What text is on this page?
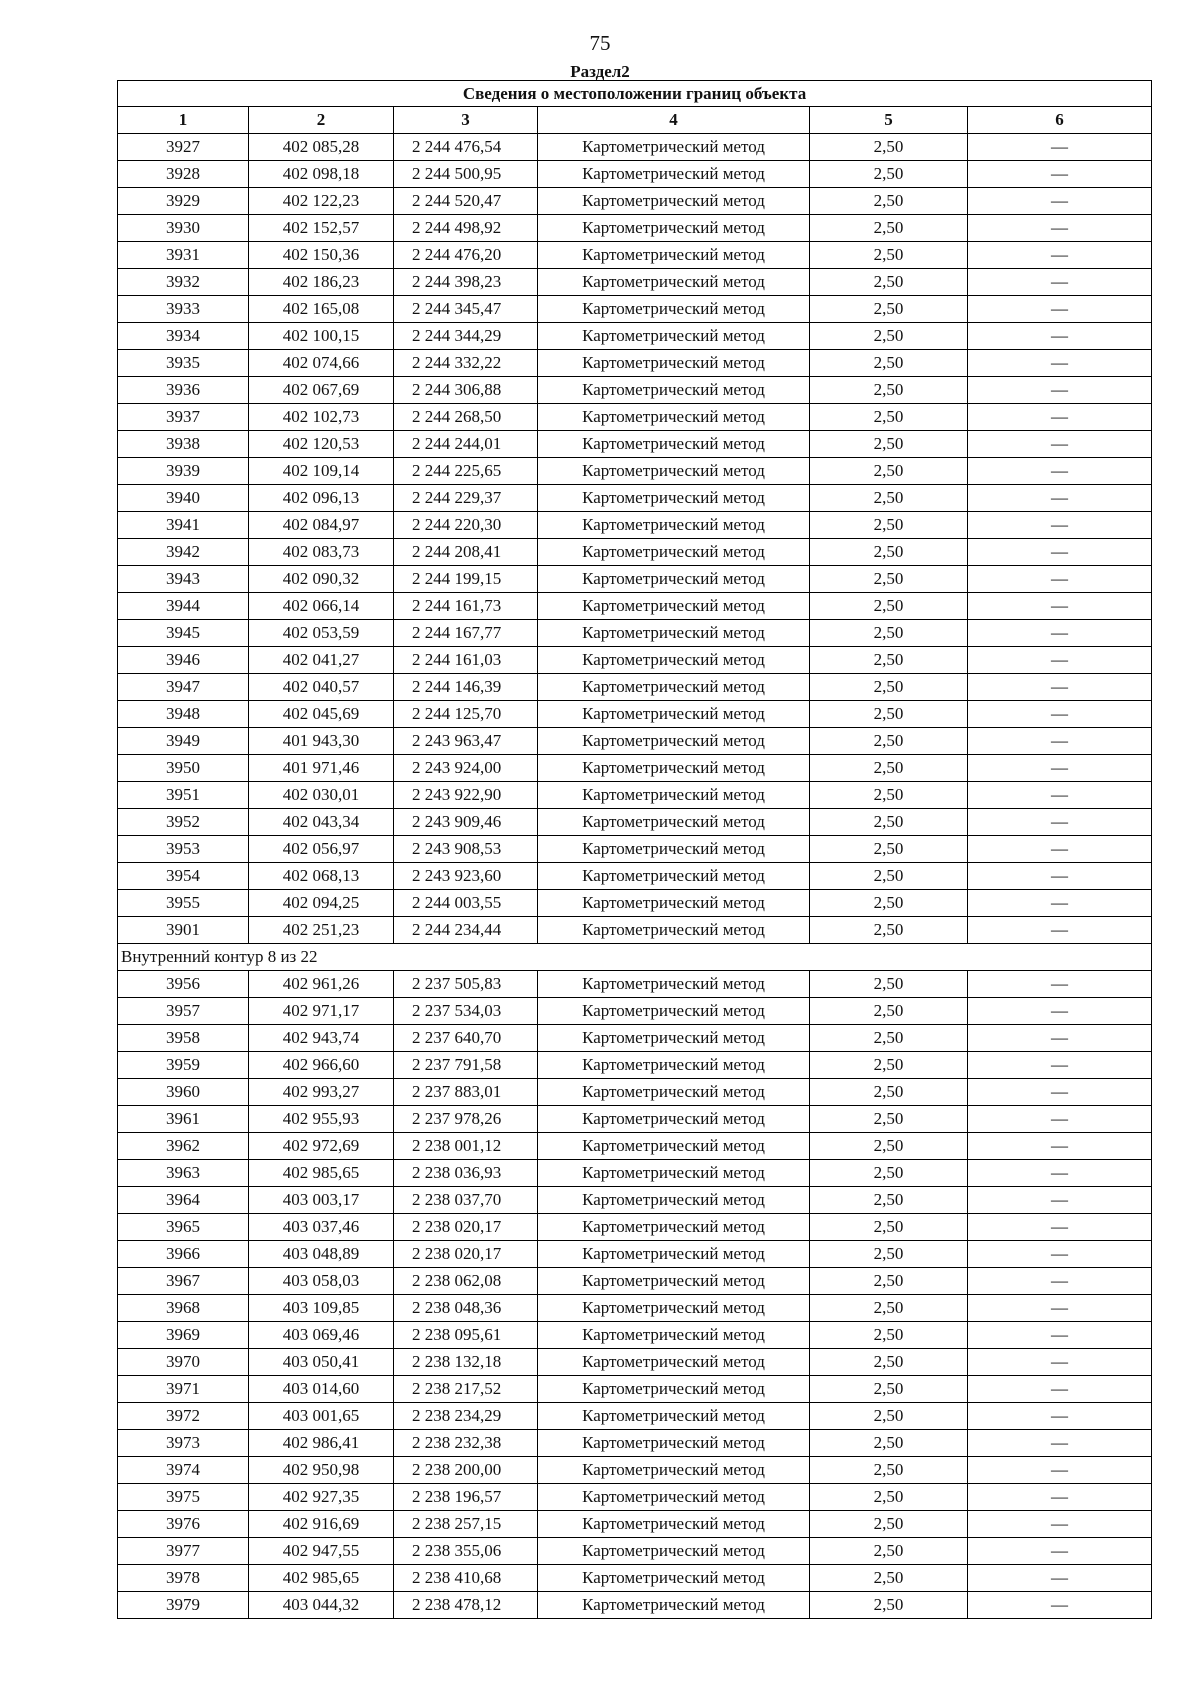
75
Раздел2
Сведения о местоположении границ объекта					
1	2	3	4	5	6
3927	402 085,28	2 244 476,54	Картометрический метод	2,50	—
3928	402 098,18	2 244 500,95	Картометрический метод	2,50	—
3929	402 122,23	2 244 520,47	Картометрический метод	2,50	—
3930	402 152,57	2 244 498,92	Картометрический метод	2,50	—
3931	402 150,36	2 244 476,20	Картометрический метод	2,50	—
3932	402 186,23	2 244 398,23	Картометрический метод	2,50	—
3933	402 165,08	2 244 345,47	Картометрический метод	2,50	—
3934	402 100,15	2 244 344,29	Картометрический метод	2,50	—
3935	402 074,66	2 244 332,22	Картометрический метод	2,50	—
3936	402 067,69	2 244 306,88	Картометрический метод	2,50	—
3937	402 102,73	2 244 268,50	Картометрический метод	2,50	—
3938	402 120,53	2 244 244,01	Картометрический метод	2,50	—
3939	402 109,14	2 244 225,65	Картометрический метод	2,50	—
3940	402 096,13	2 244 229,37	Картометрический метод	2,50	—
3941	402 084,97	2 244 220,30	Картометрический метод	2,50	—
3942	402 083,73	2 244 208,41	Картометрический метод	2,50	—
3943	402 090,32	2 244 199,15	Картометрический метод	2,50	—
3944	402 066,14	2 244 161,73	Картометрический метод	2,50	—
3945	402 053,59	2 244 167,77	Картометрический метод	2,50	—
3946	402 041,27	2 244 161,03	Картометрический метод	2,50	—
3947	402 040,57	2 244 146,39	Картометрический метод	2,50	—
3948	402 045,69	2 244 125,70	Картометрический метод	2,50	—
3949	401 943,30	2 243 963,47	Картометрический метод	2,50	—
3950	401 971,46	2 243 924,00	Картометрический метод	2,50	—
3951	402 030,01	2 243 922,90	Картометрический метод	2,50	—
3952	402 043,34	2 243 909,46	Картометрический метод	2,50	—
3953	402 056,97	2 243 908,53	Картометрический метод	2,50	—
3954	402 068,13	2 243 923,60	Картометрический метод	2,50	—
3955	402 094,25	2 244 003,55	Картометрический метод	2,50	—
3901	402 251,23	2 244 234,44	Картометрический метод	2,50	—
Внутренний контур 8 из 22					
3956	402 961,26	2 237 505,83	Картометрический метод	2,50	—
3957	402 971,17	2 237 534,03	Картометрический метод	2,50	—
3958	402 943,74	2 237 640,70	Картометрический метод	2,50	—
3959	402 966,60	2 237 791,58	Картометрический метод	2,50	—
3960	402 993,27	2 237 883,01	Картометрический метод	2,50	—
3961	402 955,93	2 237 978,26	Картометрический метод	2,50	—
3962	402 972,69	2 238 001,12	Картометрический метод	2,50	—
3963	402 985,65	2 238 036,93	Картометрический метод	2,50	—
3964	403 003,17	2 238 037,70	Картометрический метод	2,50	—
3965	403 037,46	2 238 020,17	Картометрический метод	2,50	—
3966	403 048,89	2 238 020,17	Картометрический метод	2,50	—
3967	403 058,03	2 238 062,08	Картометрический метод	2,50	—
3968	403 109,85	2 238 048,36	Картометрический метод	2,50	—
3969	403 069,46	2 238 095,61	Картометрический метод	2,50	—
3970	403 050,41	2 238 132,18	Картометрический метод	2,50	—
3971	403 014,60	2 238 217,52	Картометрический метод	2,50	—
3972	403 001,65	2 238 234,29	Картометрический метод	2,50	—
3973	402 986,41	2 238 232,38	Картометрический метод	2,50	—
3974	402 950,98	2 238 200,00	Картометрический метод	2,50	—
3975	402 927,35	2 238 196,57	Картометрический метод	2,50	—
3976	402 916,69	2 238 257,15	Картометрический метод	2,50	—
3977	402 947,55	2 238 355,06	Картометрический метод	2,50	—
3978	402 985,65	2 238 410,68	Картометрический метод	2,50	—
3979	403 044,32	2 238 478,12	Картометрический метод	2,50	—
